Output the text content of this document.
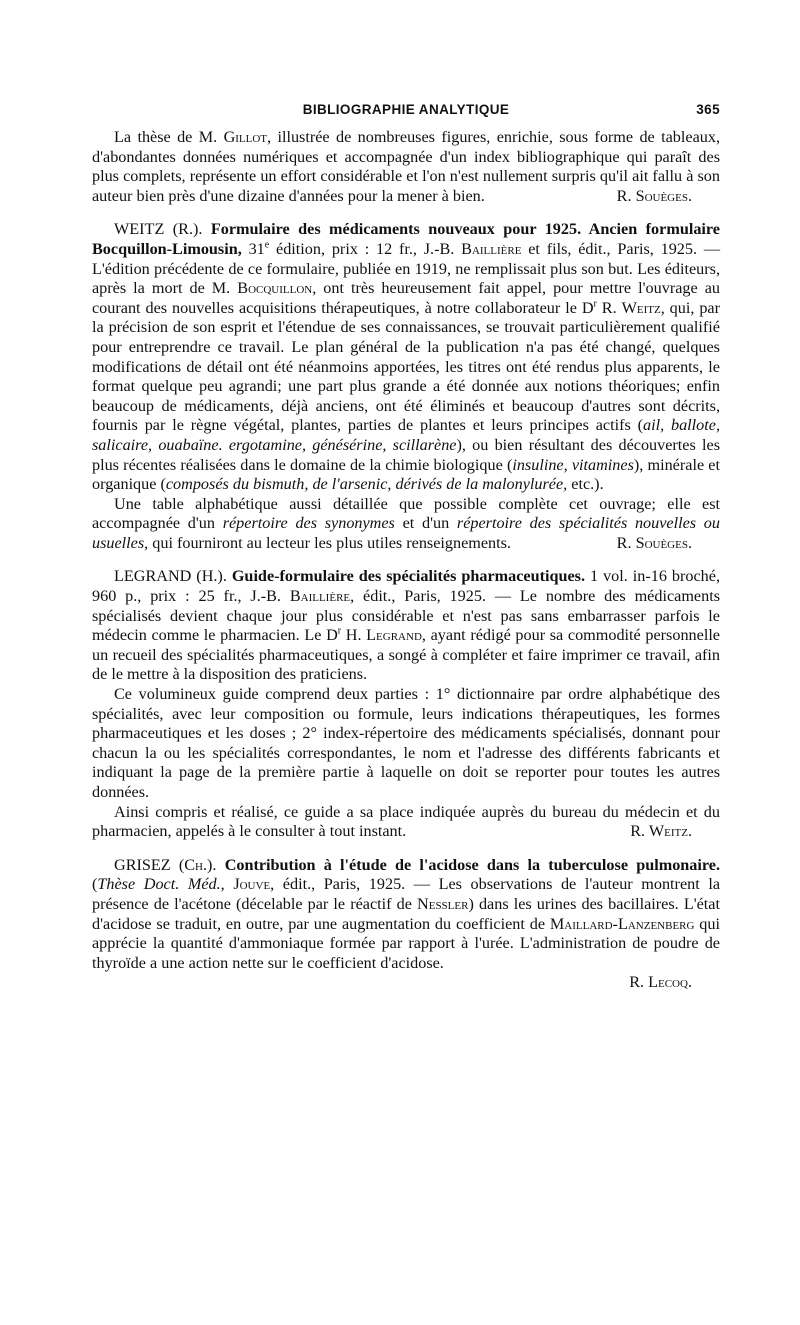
BIBLIOGRAPHIE ANALYTIQUE	365

La thèse de M. Gillot, illustrée de nombreuses figures, enrichie, sous forme de tableaux, d'abondantes données numériques et accompagnée d'un index bibliographique qui paraît des plus complets, représente un effort considérable et l'on n'est nullement surpris qu'il ait fallu à son auteur bien près d'une dizaine d'années pour la mener à bien.	R. Souèges.

WEITZ (R.). Formulaire des médicaments nouveaux pour 1925. Ancien formulaire Bocquillon-Limousin, 31e édition, prix : 12 fr., J.-B. Baillière et fils, édit., Paris, 1925. — L'édition précédente de ce formulaire, publiée en 1919, ne remplissait plus son but. Les éditeurs, après la mort de M. Bocquillon, ont très heureusement fait appel, pour mettre l'ouvrage au courant des nouvelles acquisitions thérapeutiques, à notre collaborateur le $D^r$ R. Weitz, qui, par la précision de son esprit et l'étendue de ses connaissances, se trouvait particulièrement qualifié pour entreprendre ce travail. Le plan général de la publication n'a pas été changé, quelques modifications de détail ont été néanmoins apportées, les titres ont été rendus plus apparents, le format quelque peu agrandi; une part plus grande a été donnée aux notions théoriques; enfin beaucoup de médicaments, déjà anciens, ont été éliminés et beaucoup d'autres sont décrits, fournis par le règne végétal, plantes, parties de plantes et leurs principes actifs (ail, ballote, salicaire, ouabaïne. ergotamine, génésérine, scillarène), ou bien résultant des découvertes les plus récentes réalisées dans le domaine de la chimie biologique (insuline, vitamines), minérale et organique (composés du bismuth, de l'arsenic, dérivés de la malonylurée, etc.).

Une table alphabétique aussi détaillée que possible complète cet ouvrage; elle est accompagnée d'un répertoire des synonymes et d'un répertoire des spécialités nouvelles ou usuelles, qui fourniront au lecteur les plus utiles renseignements.	R. Souèges.

LEGRAND (H.). Guide-formulaire des spécialités pharmaceutiques. 1 vol. in-16 broché, 960 p., prix : 25 fr., J.-B. Baillière, édit., Paris, 1925. — Le nombre des médicaments spécialisés devient chaque jour plus considérable et n'est pas sans embarrasser parfois le médecin comme le pharmacien. Le $D^r$ H. Legrand, ayant rédigé pour sa commodité personnelle un recueil des spécialités pharmaceutiques, a songé à compléter et faire imprimer ce travail, afin de le mettre à la disposition des praticiens.

Ce volumineux guide comprend deux parties : 1° dictionnaire par ordre alphabétique des spécialités, avec leur composition ou formule, leurs indications thérapeutiques, les formes pharmaceutiques et les doses ; 2° index-répertoire des médicaments spécialisés, donnant pour chacun la ou les spécialités correspondantes, le nom et l'adresse des différents fabricants et indiquant la page de la première partie à laquelle on doit se reporter pour toutes les autres données.

Ainsi compris et réalisé, ce guide a sa place indiquée auprès du bureau du médecin et du pharmacien, appelés à le consulter à tout instant.	R. Weitz.

GRISEZ (Ch.). Contribution à l'étude de l'acidose dans la tuberculose pulmonaire. (Thèse Doct. Méd., Jouve, édit., Paris, 1925. — Les observations de l'auteur montrent la présence de l'acétone (décelable par le réactif de Nessler) dans les urines des bacillaires. L'état d'acidose se traduit, en outre, par une augmentation du coefficient de Maillard-Lanzenberg qui apprécie la quantité d'ammoniaque formée par rapport à l'urée. L'administration de poudre de thyroïde a une action nette sur le coefficient d'acidose.

R. Lecoq.
